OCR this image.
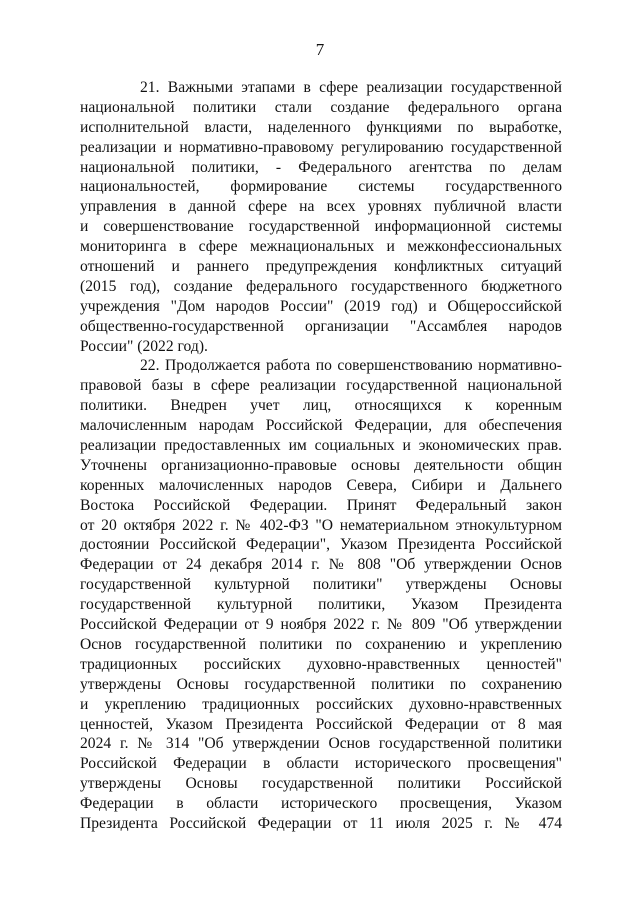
7
21. Важными этапами в сфере реализации государственной
национальной политики стали создание федерального органа
исполнительной власти, наделенного функциями по выработке,
реализации и нормативно-правовому регулированию государственной
национальной политики, - Федерального агентства по делам
национальностей, формирование системы государственного
управления в данной сфере на всех уровнях публичной власти
и совершенствование государственной информационной системы
мониторинга в сфере межнациональных и межконфессиональных
отношений и раннего предупреждения конфликтных ситуаций
(2015 год), создание федерального государственного бюджетного
учреждения "Дом народов России" (2019 год) и Общероссийской
общественно-государственной организации "Ассамблея народов
России" (2022 год).
22. Продолжается работа по совершенствованию нормативно-
правовой базы в сфере реализации государственной национальной
политики. Внедрен учет лиц, относящихся к коренным
малочисленным народам Российской Федерации, для обеспечения
реализации предоставленных им социальных и экономических прав.
Уточнены организационно-правовые основы деятельности общин
коренных малочисленных народов Севера, Сибири и Дальнего
Востока Российской Федерации. Принят Федеральный закон
от 20 октября 2022 г. № 402-ФЗ "О нематериальном этнокультурном
достоянии Российской Федерации", Указом Президента Российской
Федерации от 24 декабря 2014 г. № 808 "Об утверждении Основ
государственной культурной политики" утверждены Основы
государственной культурной политики, Указом Президента
Российской Федерации от 9 ноября 2022 г. № 809 "Об утверждении
Основ государственной политики по сохранению и укреплению
традиционных российских духовно-нравственных ценностей"
утверждены Основы государственной политики по сохранению
и укреплению традиционных российских духовно-нравственных
ценностей, Указом Президента Российской Федерации от 8 мая
2024 г. № 314 "Об утверждении Основ государственной политики
Российской Федерации в области исторического просвещения"
утверждены Основы государственной политики Российской
Федерации в области исторического просвещения, Указом
Президента Российской Федерации от 11 июля 2025 г. № 474
